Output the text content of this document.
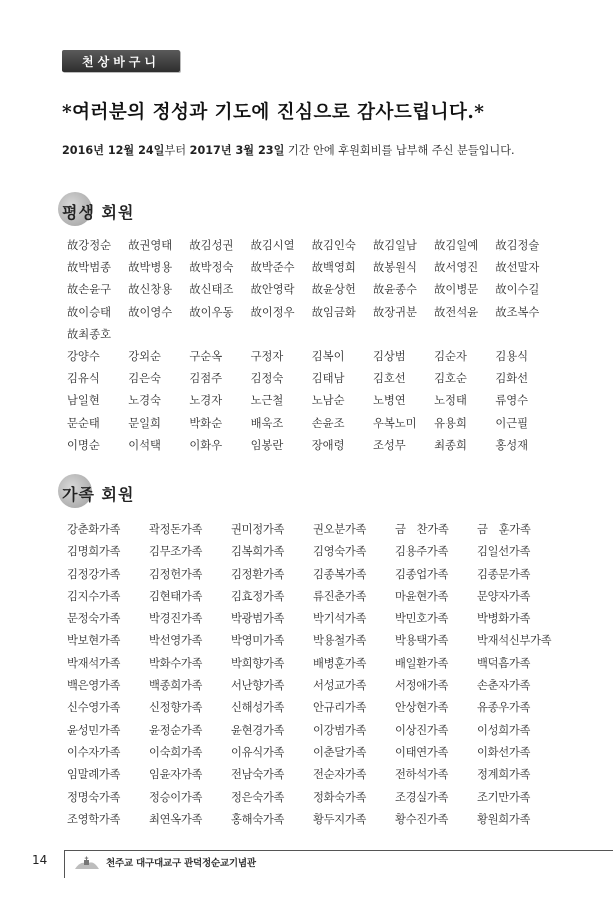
천상바구니
*여러분의 정성과 기도에 진심으로 감사드립니다.*
2016년 12월 24일부터 2017년 3월 23일 기간 안에 후원회비를 납부해 주신 분들입니다.
평생 회원
故강정순	故권영태	故김성권	故김시열	故김인숙	故김일남	故김일예	故김정술
故박범종	故박병용	故박정숙	故박준수	故백영희	故봉원식	故서영진	故선말자
故손윤구	故신창용	故신태조	故안영락	故윤상헌	故윤종수	故이병문	故이수길
故이승태	故이영수	故이우동	故이정우	故임금화	故장귀분	故전석윤	故조복수
故최종호
강양수	강외순	구순옥	구정자	김복이	김상범	김순자	김용식
김유식	김은숙	김점주	김정숙	김태남	김호선	김호순	김화선
남일현	노경숙	노경자	노근철	노남순	노병연	노정태	류영수
문순태	문일희	박화순	배욱조	손윤조	우복노미	유용희	이근필
이명순	이석택	이화우	임봉란	장애령	조성무	최종희	홍성재
가족 회원
강춘화가족	곽정돈가족	권미정가족	권오분가족	금　찬가족	금　훈가족
김명희가족	김무조가족	김복희가족	김영숙가족	김용주가족	김일선가족
김정강가족	김정헌가족	김정환가족	김종복가족	김종업가족	김종문가족
김지수가족	김현태가족	김효정가족	류진춘가족	마윤현가족	문양자가족
문정숙가족	박경진가족	박광범가족	박기석가족	박민호가족	박병화가족
박보현가족	박선영가족	박영미가족	박용철가족	박용택가족	박재석신부가족
박재석가족	박화수가족	박희향가족	배병훈가족	배일환가족	백덕흠가족
백은영가족	백종희가족	서난향가족	서성교가족	서정애가족	손춘자가족
신수영가족	신정향가족	신해성가족	안규리가족	안상현가족	유종우가족
윤성민가족	윤정순가족	윤현경가족	이강범가족	이상진가족	이성희가족
이수자가족	이숙희가족	이유식가족	이춘달가족	이태연가족	이화선가족
임말례가족	임윤자가족	전남숙가족	전순자가족	전하석가족	정계희가족
정명숙가족	정승이가족	정은숙가족	정화숙가족	조경실가족	조기만가족
조영학가족	최연옥가족	홍해숙가족	황두지가족	황수진가족	황원희가족
14	천주교 대구대교구 관덕정순교기념관
